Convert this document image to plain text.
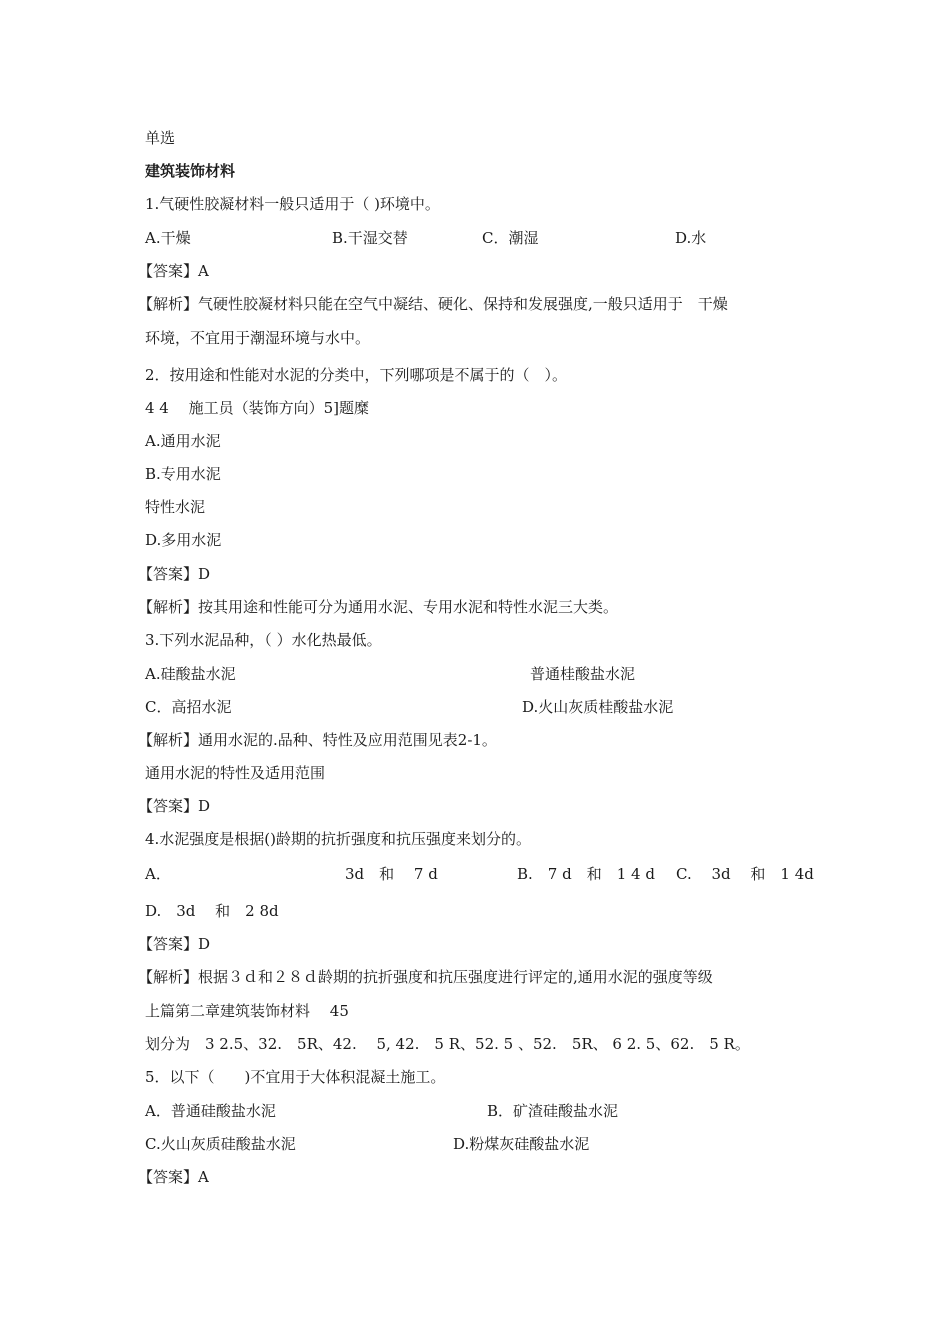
单选
建筑装饰材料
1.气硬性胶凝材料一般只适用于（ )环境中。
A.干燥	B.干湿交替	C．潮湿	D.水
【答案】A
【解析】气硬性胶凝材料只能在空气中凝结、硬化、保持和发展强度,一般只适用于　干燥
环境，不宜用于潮湿环境与水中。
2．按用途和性能对水泥的分类中，下列哪项是不属于的（　）。
4 4　 施工员（装饰方向）5]题糜
A.通用水泥
B.专用水泥
特性水泥
D.多用水泥
【答案】D
【解析】按其用途和性能可分为通用水泥、专用水泥和特性水泥三大类。
3.下列水泥品种，（ ）水化热最低。
A.硅酸盐水泥	普通桂酸盐水泥
C．高招水泥	D.火山灰质桂酸盐水泥
【解析】通用水泥的.品种、特性及应用范围见表2-1。
通用水泥的特性及适用范围
【答案】D
4.水泥强度是根据()龄期的抗折强度和抗压强度来划分的。
A．	3d　和　 7 d	B.　7 d　和　1 4 d C.　 3d　 和　1 4d
D.　3d　 和　2 8d
【答案】D
【解析】根据３ｄ和２８ｄ龄期的抗折强度和抗压强度进行评定的,通用水泥的强度等级
上篇第二章建筑装饰材料　 45
划分为　3 2.5、32.　5R、42.　 5, 42.　5 R、52. 5 、52.　5R、 6 2. 5、62.　5 R。
5．以下（　　)不宜用于大体积混凝土施工。
A．普通硅酸盐水泥	B．矿渣硅酸盐水泥
C.火山灰质硅酸盐水泥	D.粉煤灰硅酸盐水泥
【答案】A
